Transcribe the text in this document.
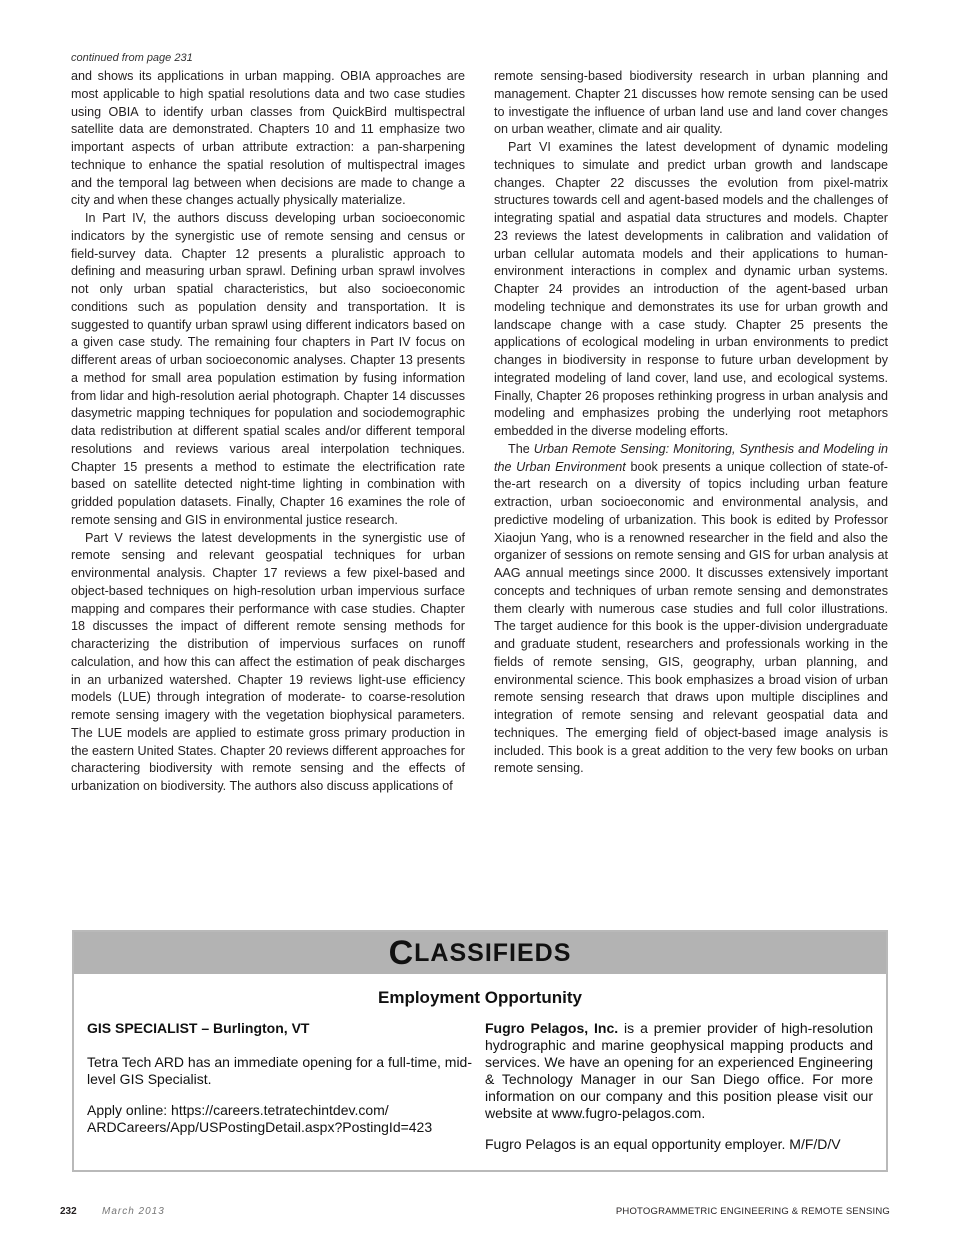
continued from page 231

and shows its applications in urban mapping. OBIA approaches are most applicable to high spatial resolutions data and two case studies using OBIA to identify urban classes from QuickBird multispectral satellite data are demonstrated. Chapters 10 and 11 emphasize two important aspects of urban attribute extraction: a pan-sharpening technique to enhance the spatial resolution of multispectral images and the temporal lag between when decisions are made to change a city and when these changes actually physically materialize.

In Part IV, the authors discuss developing urban socioeconomic indicators by the synergistic use of remote sensing and census or field-survey data. Chapter 12 presents a pluralistic approach to defining and measuring urban sprawl. Defining urban sprawl involves not only urban spatial characteristics, but also socioeconomic conditions such as population density and transportation. It is suggested to quantify urban sprawl using different indicators based on a given case study. The remaining four chapters in Part IV focus on different areas of urban socioeconomic analyses. Chapter 13 presents a method for small area population estimation by fusing information from lidar and high-resolution aerial photograph. Chapter 14 discusses dasymetric mapping techniques for population and sociodemographic data redistribution at different spatial scales and/or different temporal resolutions and reviews various areal interpolation techniques. Chapter 15 presents a method to estimate the electrification rate based on satellite detected night-time lighting in combination with gridded population datasets. Finally, Chapter 16 examines the role of remote sensing and GIS in environmental justice research.

Part V reviews the latest developments in the synergistic use of remote sensing and relevant geospatial techniques for urban environmental analysis. Chapter 17 reviews a few pixel-based and object-based techniques on high-resolution urban impervious surface mapping and compares their performance with case studies. Chapter 18 discusses the impact of different remote sensing methods for characterizing the distribution of impervious surfaces on runoff calculation, and how this can affect the estimation of peak discharges in an urbanized watershed. Chapter 19 reviews light-use efficiency models (LUE) through integration of moderate- to coarse-resolution remote sensing imagery with the vegetation biophysical parameters. The LUE models are applied to estimate gross primary production in the eastern United States. Chapter 20 reviews different approaches for charactering biodiversity with remote sensing and the effects of urbanization on biodiversity. The authors also discuss applications of

remote sensing-based biodiversity research in urban planning and management. Chapter 21 discusses how remote sensing can be used to investigate the influence of urban land use and land cover changes on urban weather, climate and air quality.

Part VI examines the latest development of dynamic modeling techniques to simulate and predict urban growth and landscape changes. Chapter 22 discusses the evolution from pixel-matrix structures towards cell and agent-based models and the challenges of integrating spatial and aspatial data structures and models. Chapter 23 reviews the latest developments in calibration and validation of urban cellular automata models and their applications to human-environment interactions in complex and dynamic urban systems. Chapter 24 provides an introduction of the agent-based urban modeling technique and demonstrates its use for urban growth and landscape change with a case study. Chapter 25 presents the applications of ecological modeling in urban environments to predict changes in biodiversity in response to future urban development by integrated modeling of land cover, land use, and ecological systems. Finally, Chapter 26 proposes rethinking progress in urban analysis and modeling and emphasizes probing the underlying root metaphors embedded in the diverse modeling efforts.

The Urban Remote Sensing: Monitoring, Synthesis and Modeling in the Urban Environment book presents a unique collection of state-of-the-art research on a diversity of topics including urban feature extraction, urban socioeconomic and environmental analysis, and predictive modeling of urbanization. This book is edited by Professor Xiaojun Yang, who is a renowned researcher in the field and also the organizer of sessions on remote sensing and GIS for urban analysis at AAG annual meetings since 2000. It discusses extensively important concepts and techniques of urban remote sensing and demonstrates them clearly with numerous case studies and full color illustrations. The target audience for this book is the upper-division undergraduate and graduate student, researchers and professionals working in the fields of remote sensing, GIS, geography, urban planning, and environmental science. This book emphasizes a broad vision of urban remote sensing research that draws upon multiple disciplines and integration of remote sensing and relevant geospatial data and techniques. The emerging field of object-based image analysis is included. This book is a great addition to the very few books on urban remote sensing.

C LASSIFIEDS
Employment Opportunity

GIS SPECIALIST – Burlington, VT

Tetra Tech ARD has an immediate opening for a full-time, mid-level GIS Specialist.

Apply online: https://careers.tetratechintdev.com/
ARDCareers/App/USPostingDetail.aspx?PostingId=423

Fugro Pelagos, Inc. is a premier provider of high-resolution hydrographic and marine geophysical mapping products and services. We have an opening for an experienced Engineering & Technology Manager in our San Diego office. For more information on our company and this position please visit our website at www.fugro-pelagos.com.

Fugro Pelagos is an equal opportunity employer. M/F/D/V

232	March 2013	PHOTOGRAMMETRIC ENGINEERING & REMOTE SENSING
